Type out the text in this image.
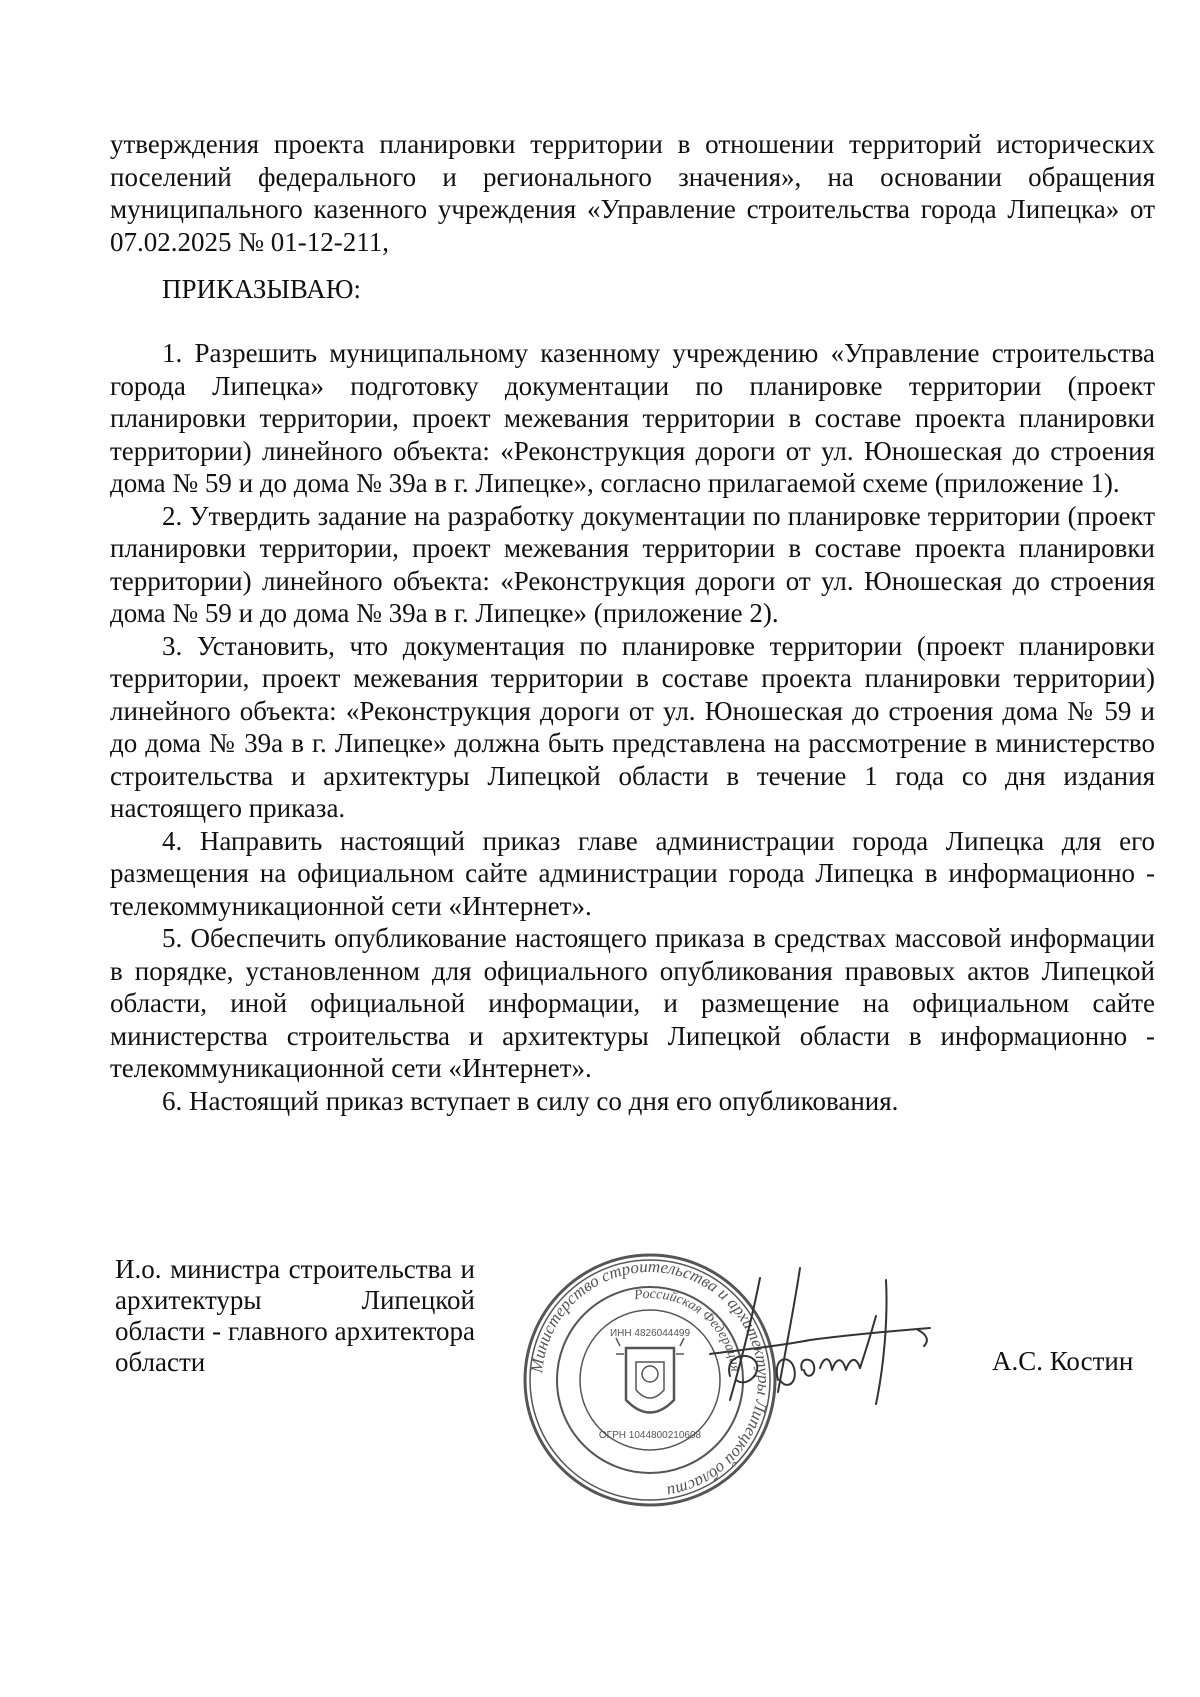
утверждения проекта планировки территории в отношении территорий исторических поселений федерального и регионального значения», на основании обращения муниципального казенного учреждения «Управление строительства города Липецка» от 07.02.2025 № 01-12-211,

ПРИКАЗЫВАЮ:

1. Разрешить муниципальному казенному учреждению «Управление строительства города Липецка» подготовку документации по планировке территории (проект планировки территории, проект межевания территории в составе проекта планировки территории) линейного объекта: «Реконструкция дороги от ул. Юношеская до строения дома № 59 и до дома № 39а в г. Липецке», согласно прилагаемой схеме (приложение 1).

2. Утвердить задание на разработку документации по планировке территории (проект планировки территории, проект межевания территории в составе проекта планировки территории) линейного объекта: «Реконструкция дороги от ул. Юношеская до строения дома № 59 и до дома № 39а в г. Липецке» (приложение 2).

3. Установить, что документация по планировке территории (проект планировки территории, проект межевания территории в составе проекта планировки территории) линейного объекта: «Реконструкция дороги от ул. Юношеская до строения дома № 59 и до дома № 39а в г. Липецке» должна быть представлена на рассмотрение в министерство строительства и архитектуры Липецкой области в течение 1 года со дня издания настоящего приказа.

4. Направить настоящий приказ главе администрации города Липецка для его размещения на официальном сайте администрации города Липецка в информационно - телекоммуникационной сети «Интернет».

5. Обеспечить опубликование настоящего приказа в средствах массовой информации в порядке, установленном для официального опубликования правовых актов Липецкой области, иной официальной информации, и размещение на официальном сайте министерства строительства и архитектуры Липецкой области в информационно - телекоммуникационной сети «Интернет».

6. Настоящий приказ вступает в силу со дня его опубликования.

И.о. министра строительства и архитектуры Липецкой области - главного архитектора области	Министерство строительства и архитектуры Липецкой области
Российская Федерация
ИНН 4826044499
ОГРН 1044800210608
А.С. Костин
